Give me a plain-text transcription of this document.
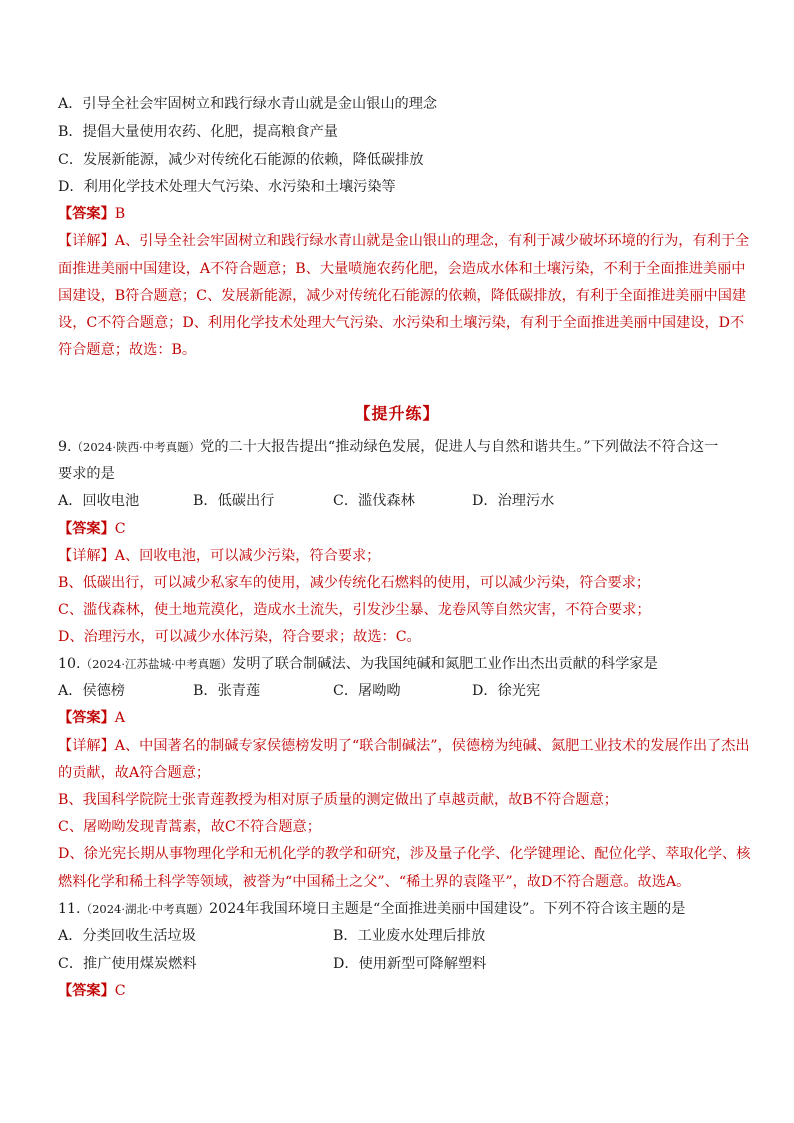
A．引导全社会牢固树立和践行绿水青山就是金山银山的理念
B．提倡大量使用农药、化肥，提高粮食产量
C．发展新能源，减少对传统化石能源的依赖，降低碳排放
D．利用化学技术处理大气污染、水污染和土壤污染等
【答案】B
【详解】A、引导全社会牢固树立和践行绿水青山就是金山银山的理念，有利于减少破坏环境的行为，有利于全
面推进美丽中国建设，A不符合题意；B、大量喷施农药化肥，会造成水体和土壤污染，不利于全面推进美丽中
国建设，B符合题意；C、发展新能源，减少对传统化石能源的依赖，降低碳排放，有利于全面推进美丽中国建
设，C不符合题意；D、利用化学技术处理大气污染、水污染和土壤污染，有利于全面推进美丽中国建设，D不
符合题意；故选：B。
【提升练】
9.（2024·陕西·中考真题）党的二十大报告提出“推动绿色发展，促进人与自然和谐共生。”下列做法不符合这一
要求的是
A．回收电池	B．低碳出行	C．滥伐森林	D．治理污水
【答案】C
【详解】A、回收电池，可以减少污染，符合要求；
B、低碳出行，可以减少私家车的使用，减少传统化石燃料的使用，可以减少污染，符合要求；
C、滥伐森林，使土地荒漠化，造成水土流失，引发沙尘暴、龙卷风等自然灾害，不符合要求；
D、治理污水，可以减少水体污染，符合要求；故选：C。
10.（2024·江苏盐城·中考真题）发明了联合制碱法、为我国纯碱和氮肥工业作出杰出贡献的科学家是
A．侯德榜	B．张青莲	C．屠呦呦	D．徐光宪
【答案】A
【详解】A、中国著名的制碱专家侯德榜发明了“联合制碱法”，侯德榜为纯碱、氮肥工业技术的发展作出了杰出
的贡献，故A符合题意；
B、我国科学院院士张青莲教授为相对原子质量的测定做出了卓越贡献，故B不符合题意；
C、屠呦呦发现青蒿素，故C不符合题意；
D、徐光宪长期从事物理化学和无机化学的教学和研究，涉及量子化学、化学键理论、配位化学、萃取化学、核
燃料化学和稀土科学等领域，被誉为“中国稀土之父”、“稀土界的袁隆平”，故D不符合题意。故选A。
11.（2024·湖北·中考真题）2024年我国环境日主题是“全面推进美丽中国建设”。下列不符合该主题的是
A．分类回收生活垃圾	B．工业废水处理后排放
C．推广使用煤炭燃料	D．使用新型可降解塑料
【答案】C
